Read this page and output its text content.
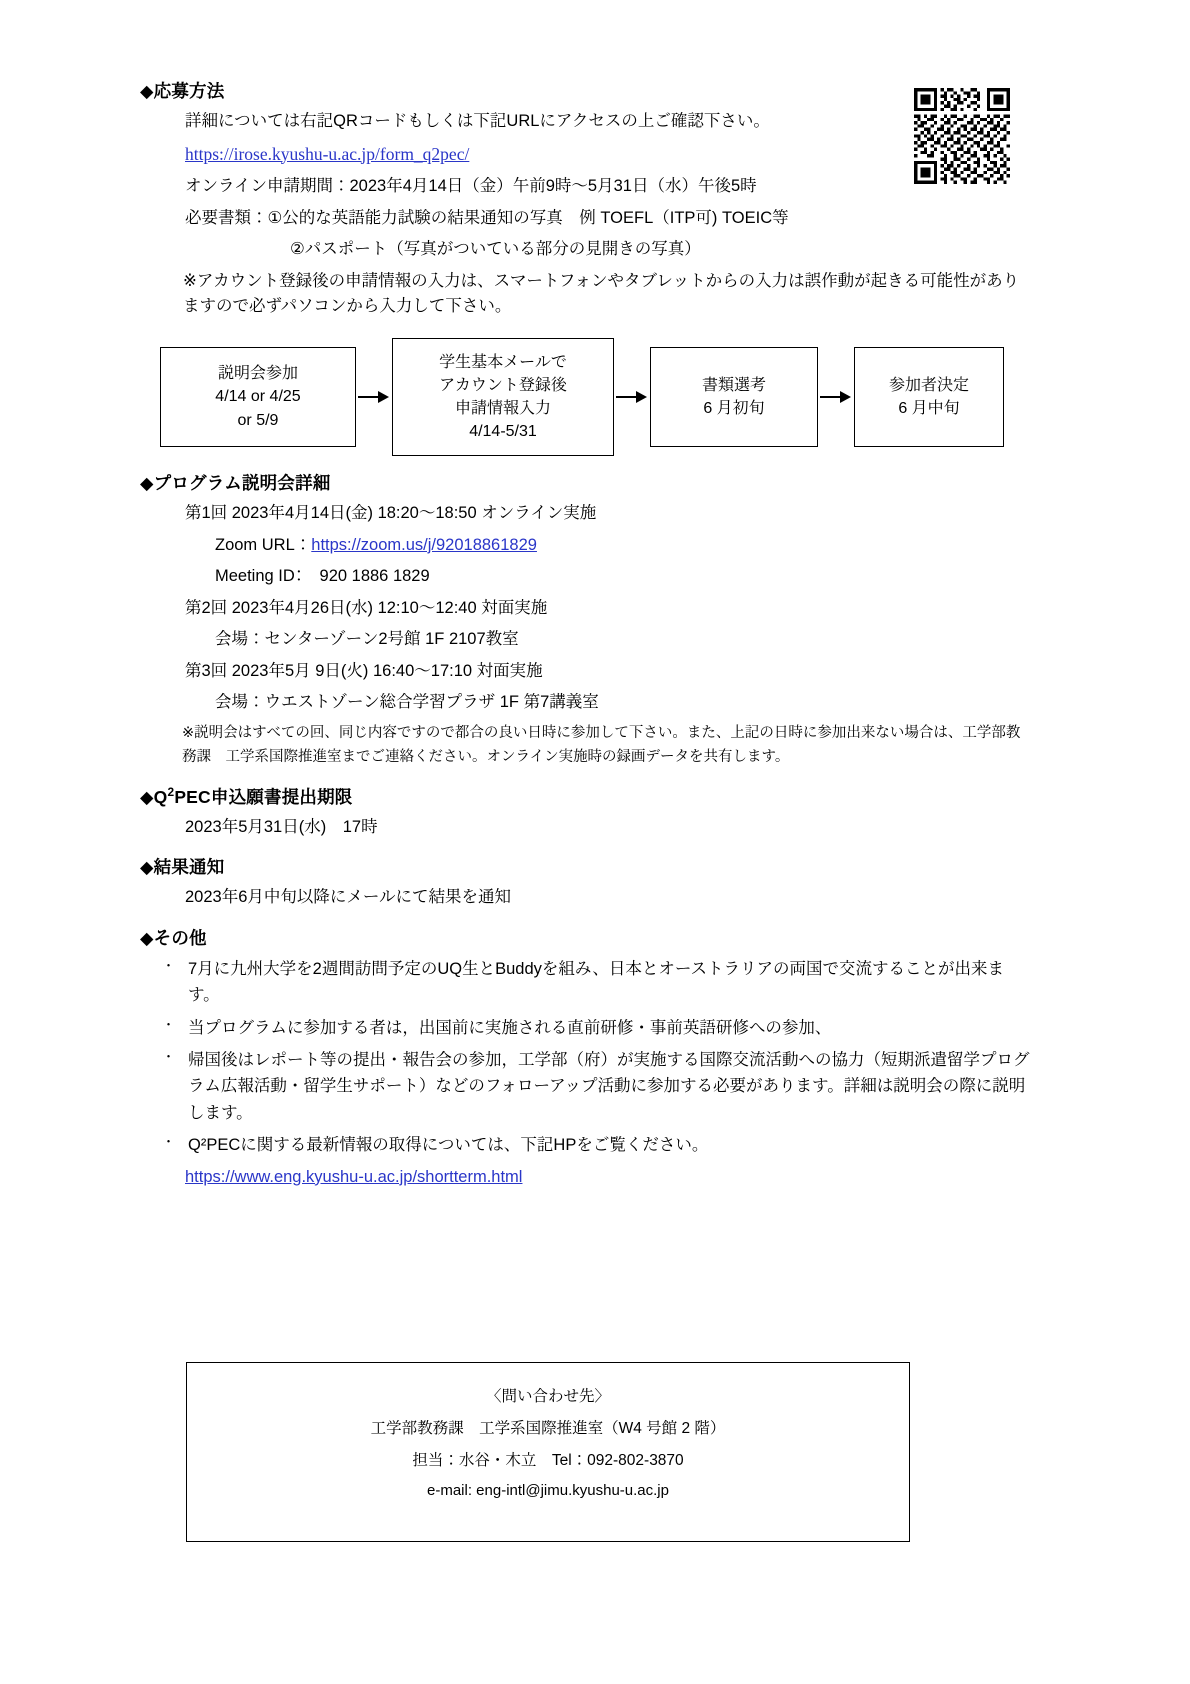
◆応募方法
詳細については右記QRコードもしくは下記URLにアクセスの上ご確認下さい。
https://irose.kyushu-u.ac.jp/form_q2pec/
オンライン申請期間：2023年4月14日（金）午前9時～5月31日（水）午後5時
必要書類：①公的な英語能力試験の結果通知の写真　例 TOEFL（ITP可) TOEIC等
②パスポート（写真がついている部分の見開きの写真）
※アカウント登録後の申請情報の入力は、スマートフォンやタブレットからの入力は誤作動が起きる可能性がありますので必ずパソコンから入力して下さい。
説明会参加
4/14 or 4/25
or 5/9
学生基本メールで
アカウント登録後
申請情報入力
4/14-5/31
書類選考
6 月初旬
参加者決定
6 月中旬
◆プログラム説明会詳細
第1回 2023年4月14日(金) 18:20～18:50 オンライン実施
Zoom URL：https://zoom.us/j/92018861829
Meeting ID：　920 1886 1829
第2回 2023年4月26日(水) 12:10～12:40 対面実施
会場：センターゾーン2号館 1F 2107教室
第3回 2023年5月 9日(火) 16:40～17:10 対面実施
会場：ウエストゾーン総合学習プラザ 1F 第7講義室
※説明会はすべての回、同じ内容ですので都合の良い日時に参加して下さい。また、上記の日時に参加出来ない場合は、工学部教務課　工学系国際推進室までご連絡ください。オンライン実施時の録画データを共有します。
$◆Q^2PEC$申込願書提出期限
2023年5月31日(水)　17時
◆結果通知
2023年6月中旬以降にメールにて結果を通知
◆その他
・ 7月に九州大学を2週間訪問予定のUQ生とBuddyを組み、日本とオーストラリアの両国で交流することが出来ます。
・ 当プログラムに参加する者は，出国前に実施される直前研修・事前英語研修への参加、
・ 帰国後はレポート等の提出・報告会の参加，工学部（府）が実施する国際交流活動への協力（短期派遣留学プログラム広報活動・留学生サポート）などのフォローアップ活動に参加する必要があります。詳細は説明会の際に説明します。
・ Q²PECに関する最新情報の取得については、下記HPをご覧ください。
https://www.eng.kyushu-u.ac.jp/shortterm.html
〈問い合わせ先〉
工学部教務課　工学系国際推進室（W4 号館 2 階）
担当：水谷・木立　Tel：092-802-3870
e-mail: eng-intl@jimu.kyushu-u.ac.jp
